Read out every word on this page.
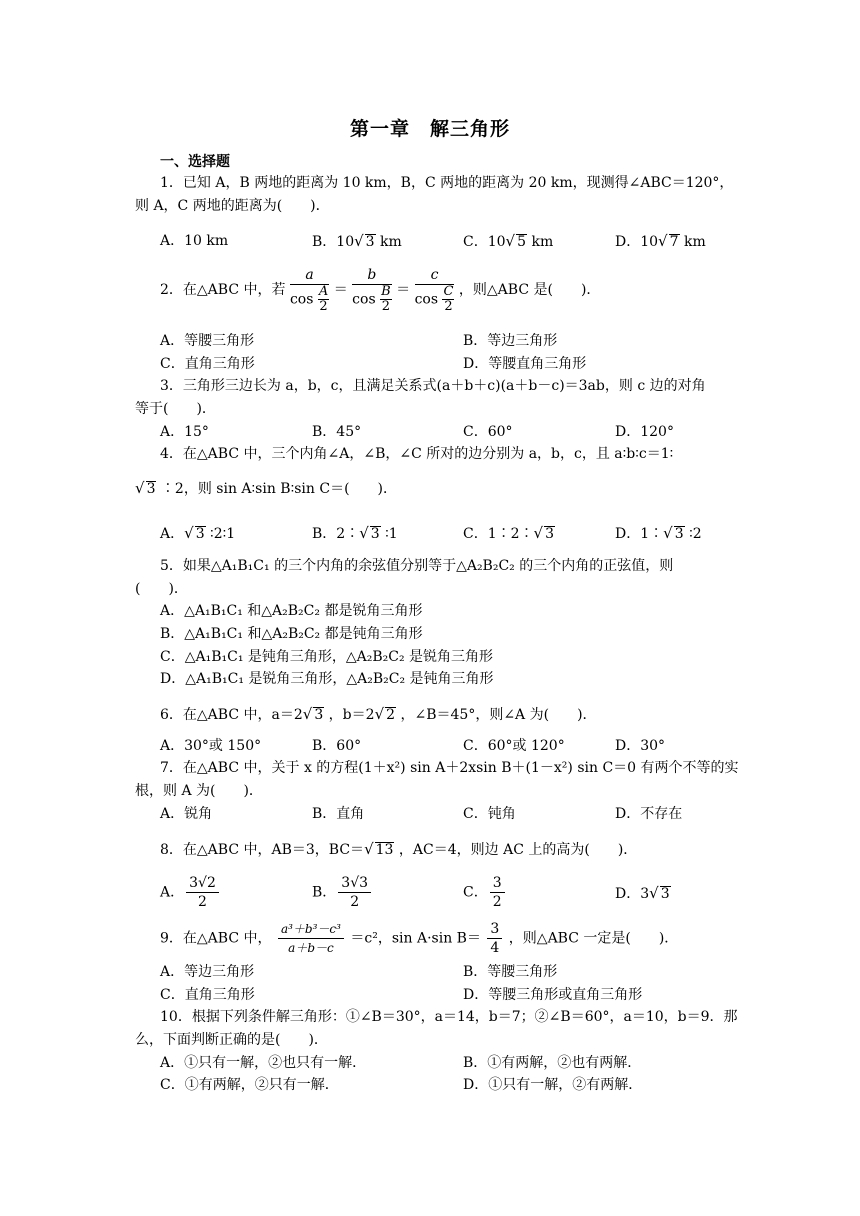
第一章　解三角形
一、选择题
1．已知 A，B 两地的距离为 10 km，B，C 两地的距离为 20 km，现测得∠ABC＝120°，
则 A，C 两地的距离为(　　)．
A．10 km	B．10√ 3 km	C．10√ 5 km	D．10√ 7 km
2．在△ABC 中，若 $\frac{a}{\cos \frac{A}{2}} = \frac{b}{\cos \frac{B}{2}} = \frac{c}{\cos \frac{C}{2}}$ ，则△ABC 是(　　)．
A．等腰三角形	B．等边三角形
C．直角三角形	D．等腰直角三角形
3．三角形三边长为 a，b，c，且满足关系式(a＋b＋c)(a＋b－c)＝3ab，则 c 边的对角
等于(　　)．
A．15°	B．45°	C．60°	D．120°
4．在△ABC 中，三个内角∠A，∠B，∠C 所对的边分别为 a，b，c，且 a∶b∶c＝1∶
√ 3 ∶2，则 sin A∶sin B∶sin C＝(　　)．
A．√ 3 ∶2∶1	B．2∶√ 3 ∶1	C．1∶2∶√ 3	D．1∶√ 3 ∶2
5．如果△A₁B₁C₁ 的三个内角的余弦值分别等于△A₂B₂C₂ 的三个内角的正弦值，则
(　　)．
A．△A₁B₁C₁ 和△A₂B₂C₂ 都是锐角三角形
B．△A₁B₁C₁ 和△A₂B₂C₂ 都是钝角三角形
C．△A₁B₁C₁ 是钝角三角形，△A₂B₂C₂ 是锐角三角形
D．△A₁B₁C₁ 是锐角三角形，△A₂B₂C₂ 是钝角三角形
6．在△ABC 中，a＝2√ 3 ，b＝2√ 2 ，∠B＝45°，则∠A 为(　　)．
A．30°或 150°	B．60°	C．60°或 120°	D．30°
7．在△ABC 中，关于 x 的方程(1＋x²) sin A＋2xsin B＋(1－x²) sin C＝0 有两个不等的实
根，则 A 为(　　)．
A．锐角	B．直角	C．钝角	D．不存在
8．在△ABC 中，AB＝3，BC＝√ 13 ，AC＝4，则边 AC 上的高为(　　)．
A． $\frac{3√2}{2}$	B． $\frac{3√3}{2}$	C． $\frac{3}{2}$	D．3√ 3
9．在△ABC 中， $\frac{\text{a³＋b³－c³}}{a+b-c} =c^2$，sin A·sin $B= \frac{3}{4}$ ，则△ABC 一定是(　　)．
A．等边三角形	B．等腰三角形
C．直角三角形	D．等腰三角形或直角三角形
10．根据下列条件解三角形：①∠B＝30°，a＝14，b＝7；②∠B＝60°，a＝10，b＝9．那
么，下面判断正确的是(　　)．
A．①只有一解，②也只有一解．	B．①有两解，②也有两解．
C．①有两解，②只有一解．	D．①只有一解，②有两解．
